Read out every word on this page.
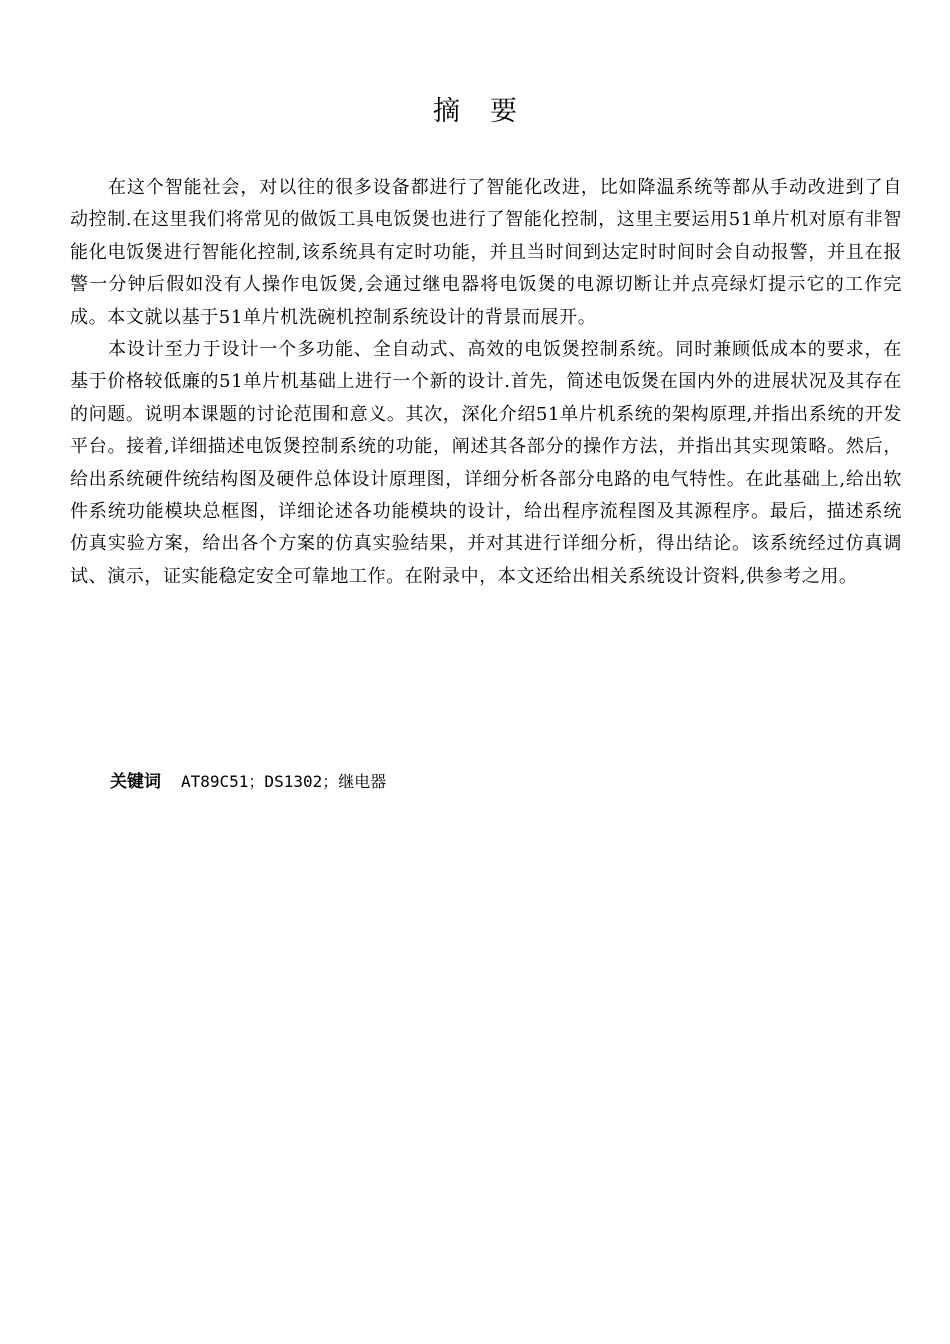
摘要

在这个智能社会，对以往的很多设备都进行了智能化改进，比如降温系统等都从手动改进到了自动控制.在这里我们将常见的做饭工具电饭煲也进行了智能化控制，这里主要运用51单片机对原有非智能化电饭煲进行智能化控制,该系统具有定时功能，并且当时间到达定时时间时会自动报警，并且在报警一分钟后假如没有人操作电饭煲,会通过继电器将电饭煲的电源切断让并点亮绿灯提示它的工作完成。本文就以基于51单片机洗碗机控制系统设计的背景而展开。

本设计至力于设计一个多功能、全自动式、高效的电饭煲控制系统。同时兼顾低成本的要求，在基于价格较低廉的51单片机基础上进行一个新的设计.首先，简述电饭煲在国内外的进展状况及其存在的问题。说明本课题的讨论范围和意义。其次，深化介绍51单片机系统的架构原理,并指出系统的开发平台。接着,详细描述电饭煲控制系统的功能，阐述其各部分的操作方法，并指出其实现策略。然后，给出系统硬件统结构图及硬件总体设计原理图，详细分析各部分电路的电气特性。在此基础上,给出软件系统功能模块总框图，详细论述各功能模块的设计，给出程序流程图及其源程序。最后，描述系统仿真实验方案，给出各个方案的仿真实验结果，并对其进行详细分析，得出结论。该系统经过仿真调试、演示，证实能稳定安全可靠地工作。在附录中，本文还给出相关系统设计资料,供参考之用。

关键词 AT89C51；DS1302；继电器
